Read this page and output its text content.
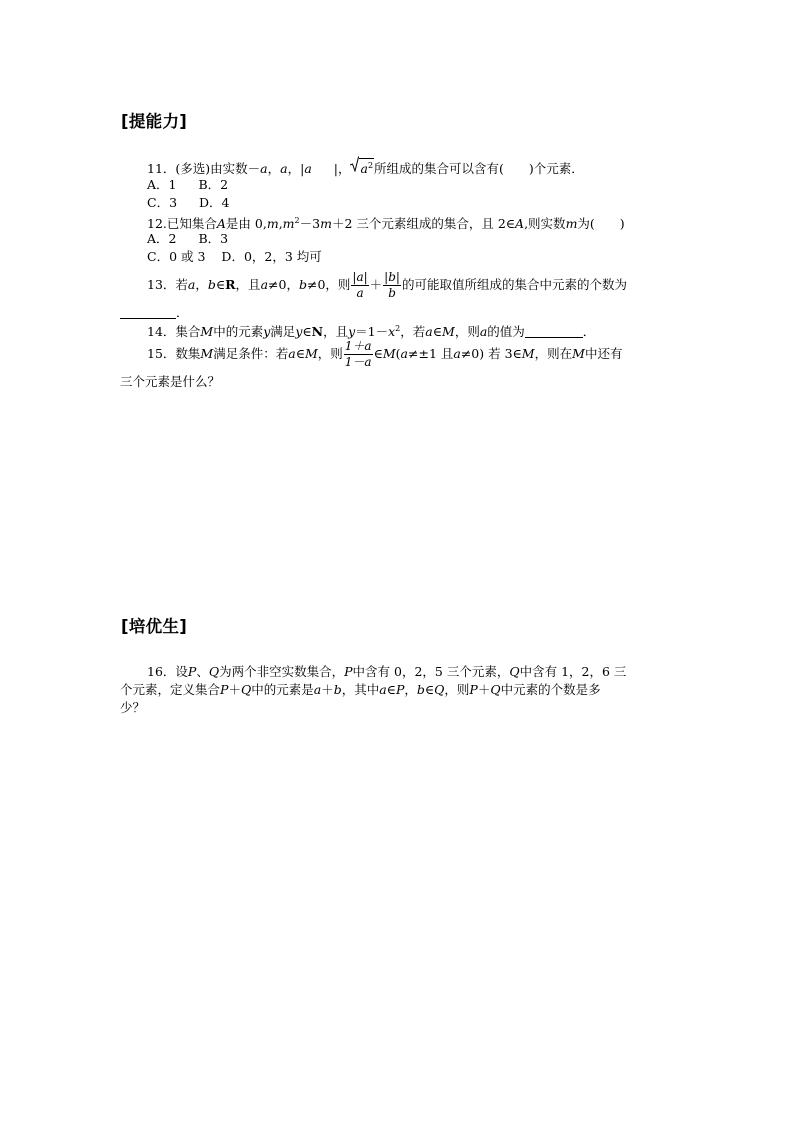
[提能力]
11．(多选)由实数－a，a，|a |， $a^2$所组成的集合可以含有(　　)个元素．
A．1 B．2
C．3 D．4
12.已知集合A是由 $0,m,m^2-3m+2$ 三个元素组成的集合，且 2∈A,则实数m为(　　)
A．2 B．3
C．0 或 3 D．0，2，3 均可
13．若a，b∈R，且a≠0，b≠0，则 $\frac{|a|}{a} + \frac{|b|}{b}$ 的可能取值所组成的集合中元素的个数为
．
14．集合M中的元素y满足y∈N，且$y=1-x^2$，若a∈M，则a的值为	．
15．数集M满足条件：若a∈M，则 $\frac{1+a}{1-a}$ ∈M(a≠±1 且a≠0) 若 3∈M，则在M中还有
三个元素是什么？
[培优生]
16．设P、Q为两个非空实数集合，P中含有 0，2，5 三个元素，Q中含有 1，2，6 三
个元素，定义集合P＋Q中的元素是a＋b，其中a∈P，b∈Q，则P＋Q中元素的个数是多
少？
